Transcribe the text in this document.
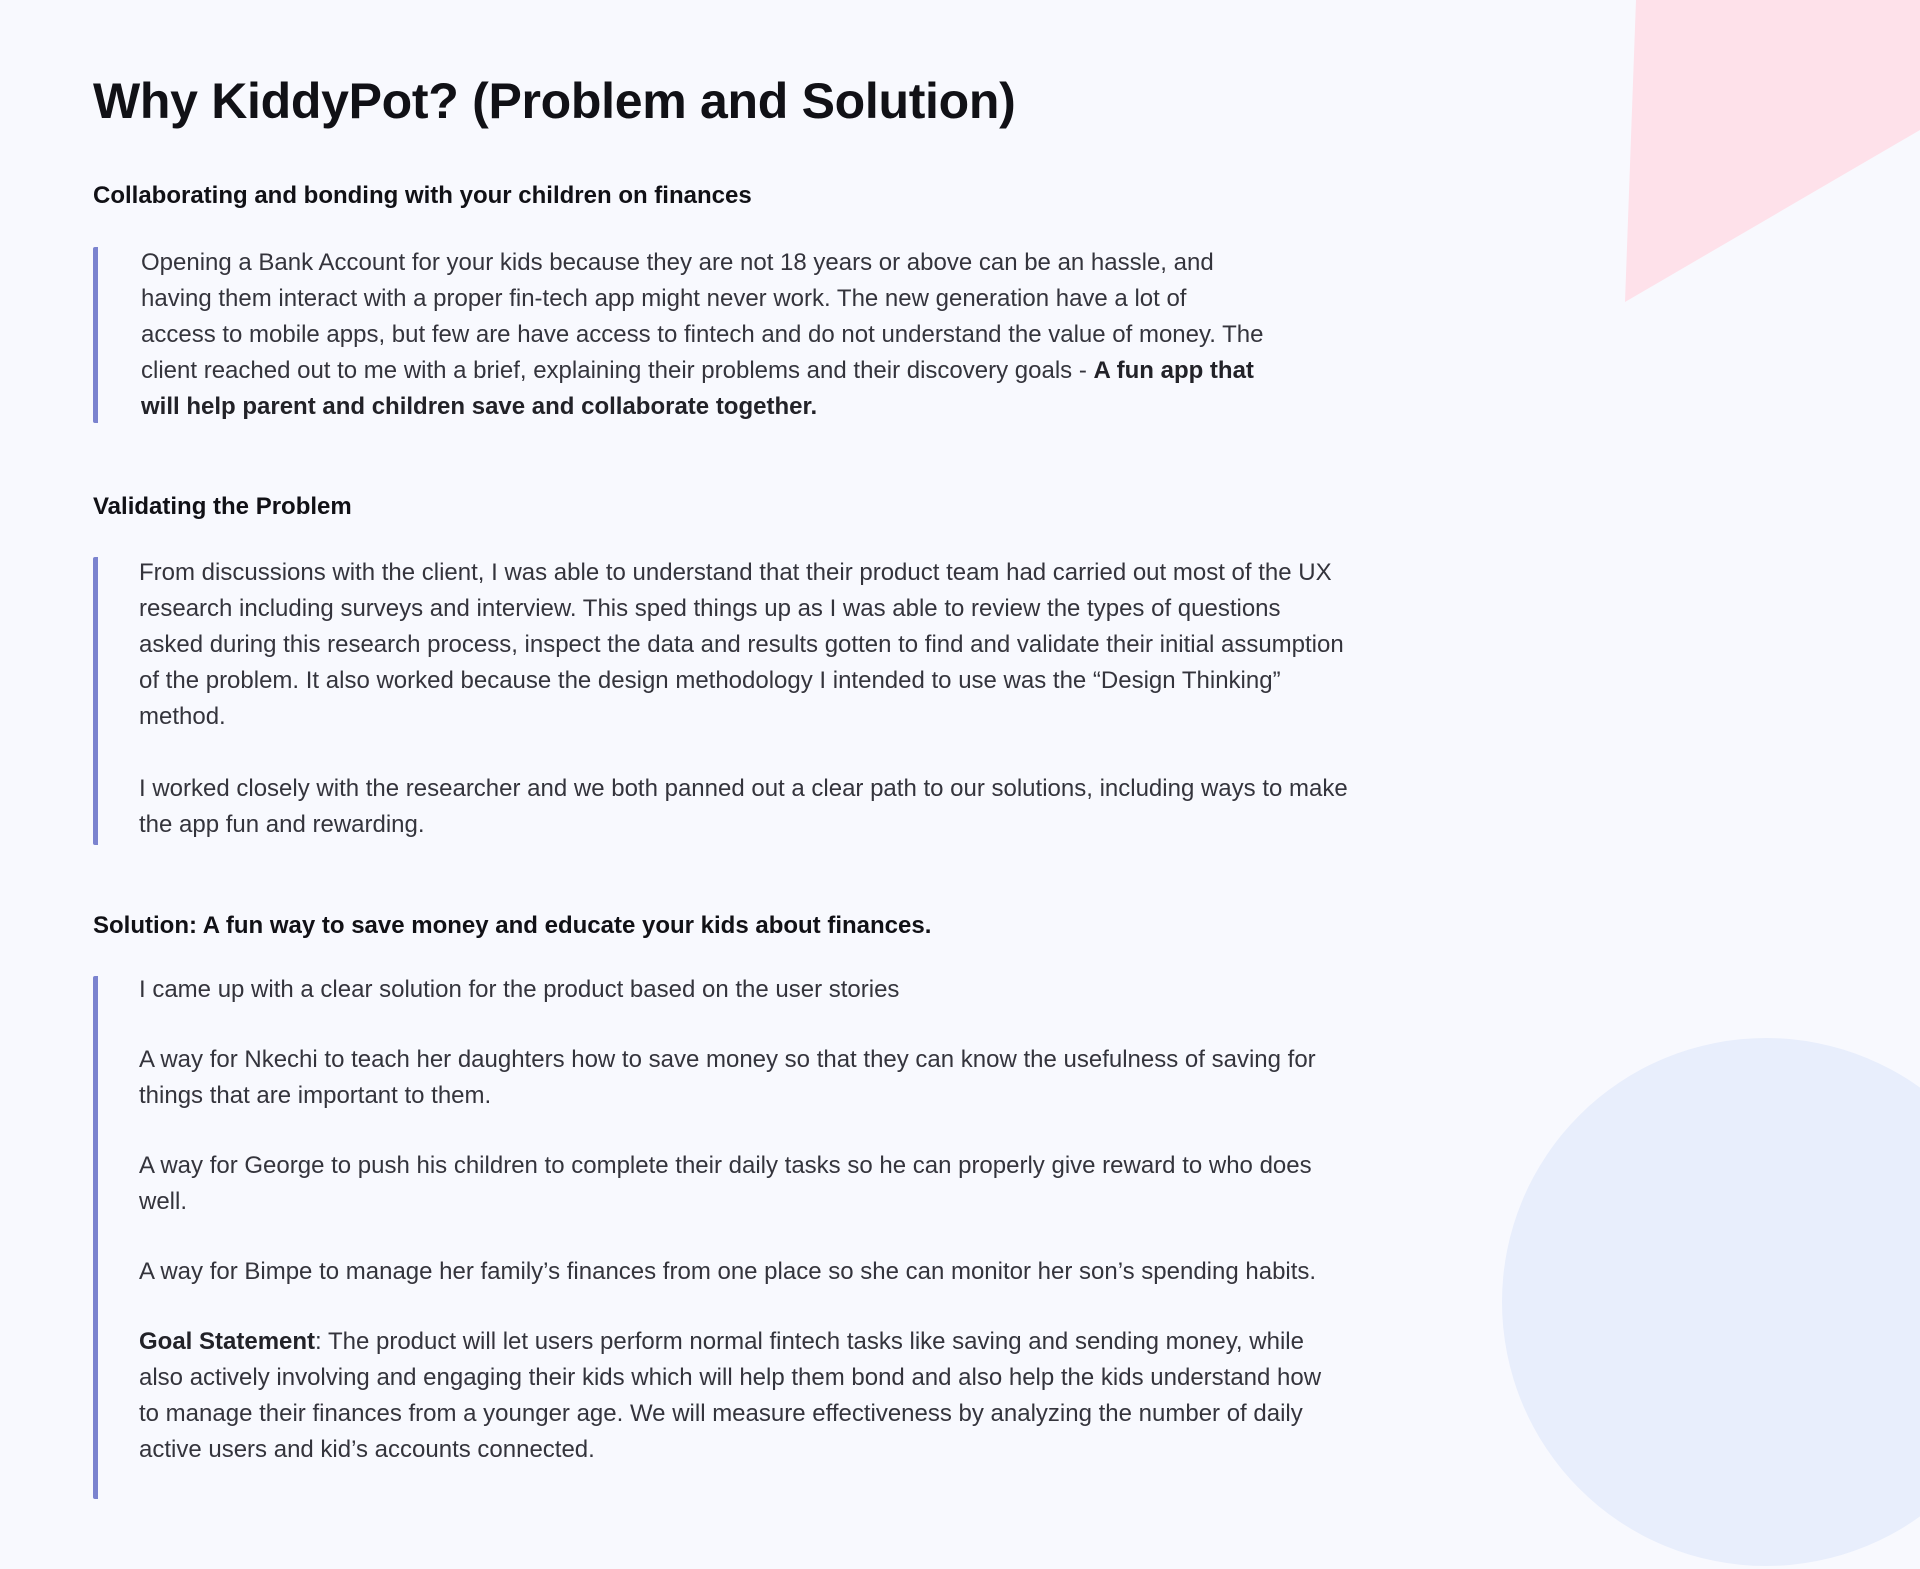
Why KiddyPot? (Problem and Solution)
Collaborating and bonding with your children on finances

Opening a Bank Account for your kids because they are not 18 years or above can be an hassle, and having them interact with a proper fin-tech app might never work. The new generation have a lot of access to mobile apps, but few are have access to fintech and do not understand the value of money. The client reached out to me with a brief, explaining their problems and their discovery goals - A fun app that will help parent and children save and collaborate together.

Validating the Problem

From discussions with the client, I was able to understand that their product team had carried out most of the UX research including surveys and interview. This sped things up as I was able to review the types of questions asked during this research process, inspect the data and results gotten to find and validate their initial assumption of the problem. It also worked because the design methodology I intended to use was the “Design Thinking” method.

I worked closely with the researcher and we both panned out a clear path to our solutions, including ways to make the app fun and rewarding.

Solution: A fun way to save money and educate your kids about finances.

I came up with a clear solution for the product based on the user stories

A way for Nkechi to teach her daughters how to save money so that they can know the usefulness of saving for things that are important to them.

A way for George to push his children to complete their daily tasks so he can properly give reward to who does well.

A way for Bimpe to manage her family’s finances from one place so she can monitor her son’s spending habits.

Goal Statement: The product will let users perform normal fintech tasks like saving and sending money, while also actively involving and engaging their kids which will help them bond and also help the kids understand how to manage their finances from a younger age. We will measure effectiveness by analyzing the number of daily active users and kid’s accounts connected.
